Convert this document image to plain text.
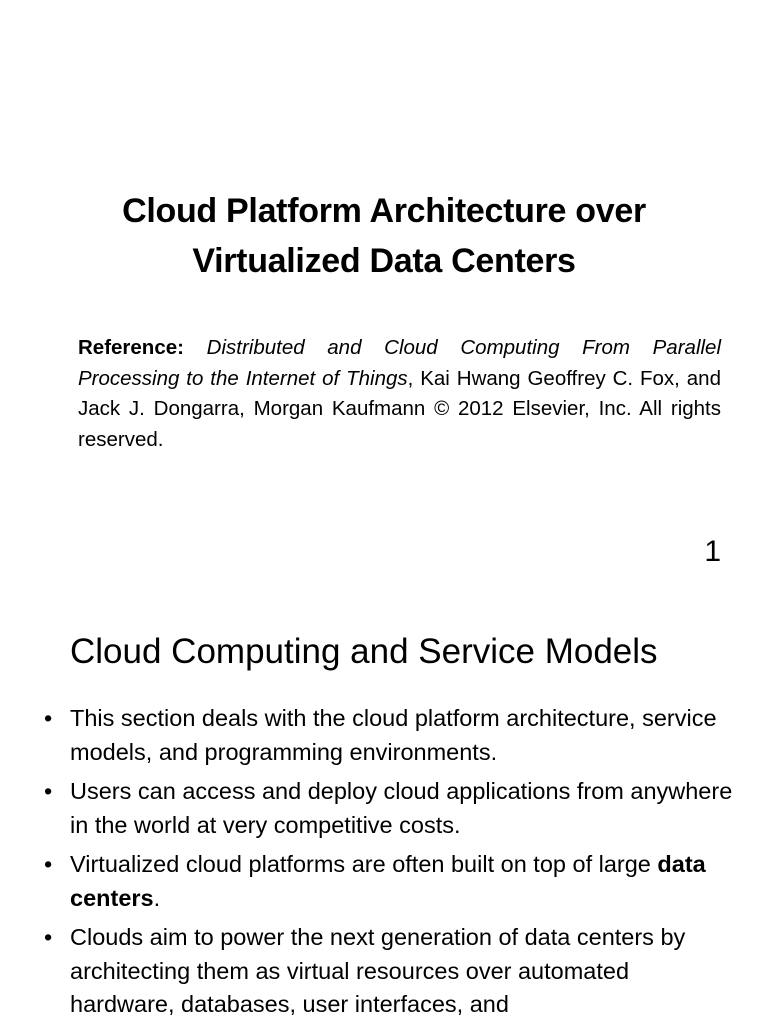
Cloud Platform Architecture over
Virtualized Data Centers
Reference: Distributed and Cloud Computing From Parallel Processing to the Internet of Things, Kai Hwang Geoffrey C. Fox, and Jack J. Dongarra, Morgan Kaufmann © 2012 Elsevier, Inc. All rights reserved.
1
Cloud Computing and Service Models
• This section deals with the cloud platform architecture, service models, and programming environments.
• Users can access and deploy cloud applications from anywhere in the world at very competitive costs.
• Virtualized cloud platforms are often built on top of large data centers.
• Clouds aim to power the next generation of data centers by architecting them as virtual resources over automated hardware, databases, user interfaces, and
